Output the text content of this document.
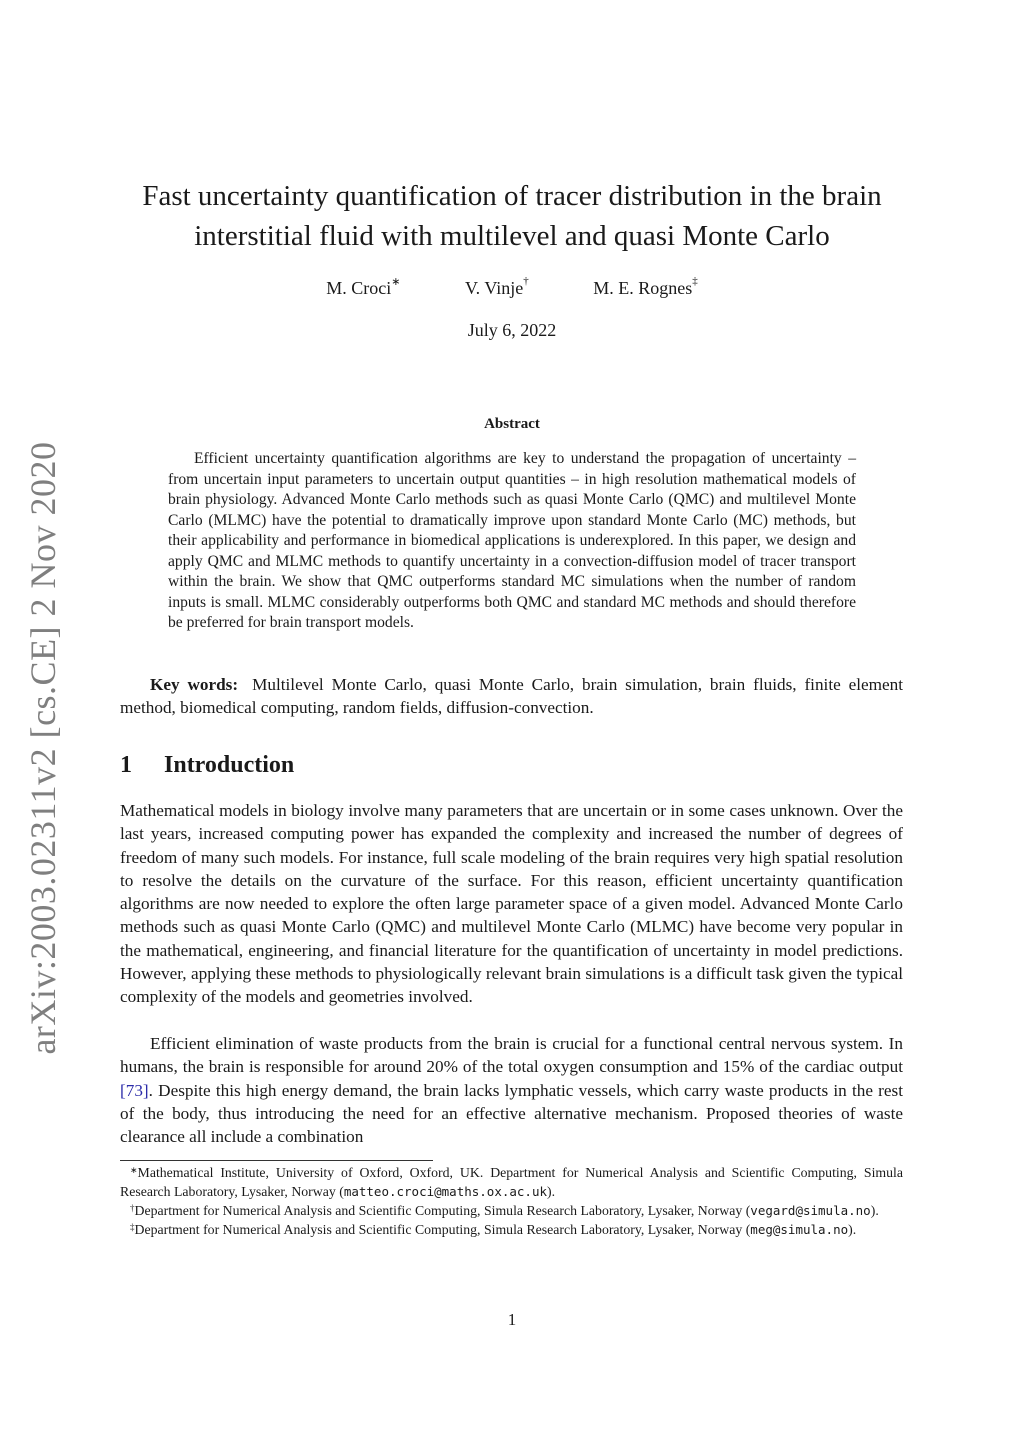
arXiv:2003.02311v2 [cs.CE] 2 Nov 2020
Fast uncertainty quantification of tracer distribution in the brain
interstitial fluid with multilevel and quasi Monte Carlo
M. Croci∗	V. Vinje†	M. E. Rognes‡
July 6, 2022
Abstract

Efficient uncertainty quantification algorithms are key to understand the propagation of uncertainty – from uncertain input parameters to uncertain output quantities – in high resolution mathematical models of brain physiology. Advanced Monte Carlo methods such as quasi Monte Carlo (QMC) and multilevel Monte Carlo (MLMC) have the potential to dramatically improve upon standard Monte Carlo (MC) methods, but their applicability and performance in biomedical applications is underexplored. In this paper, we design and apply QMC and MLMC methods to quantify uncertainty in a convection-diffusion model of tracer transport within the brain. We show that QMC outperforms standard MC simulations when the number of random inputs is small. MLMC considerably outperforms both QMC and standard MC methods and should therefore be preferred for brain transport models.

Key words: Multilevel Monte Carlo, quasi Monte Carlo, brain simulation, brain fluids, finite element method, biomedical computing, random fields, diffusion-convection.

1 Introduction

Mathematical models in biology involve many parameters that are uncertain or in some cases unknown. Over the last years, increased computing power has expanded the complexity and increased the number of degrees of freedom of many such models. For instance, full scale modeling of the brain requires very high spatial resolution to resolve the details on the curvature of the surface. For this reason, efficient uncertainty quantification algorithms are now needed to explore the often large parameter space of a given model. Advanced Monte Carlo methods such as quasi Monte Carlo (QMC) and multilevel Monte Carlo (MLMC) have become very popular in the mathematical, engineering, and financial literature for the quantification of uncertainty in model predictions. However, applying these methods to physiologically relevant brain simulations is a difficult task given the typical complexity of the models and geometries involved.

Efficient elimination of waste products from the brain is crucial for a functional central nervous system. In humans, the brain is responsible for around 20% of the total oxygen consumption and 15% of the cardiac output [73]. Despite this high energy demand, the brain lacks lymphatic vessels, which carry waste products in the rest of the body, thus introducing the need for an effective alternative mechanism. Proposed theories of waste clearance all include a combination

∗Mathematical Institute, University of Oxford, Oxford, UK. Department for Numerical Analysis and Scientific Computing, Simula Research Laboratory, Lysaker, Norway (matteo.croci@maths.ox.ac.uk).

†Department for Numerical Analysis and Scientific Computing, Simula Research Laboratory, Lysaker, Norway (vegard@simula.no).

‡Department for Numerical Analysis and Scientific Computing, Simula Research Laboratory, Lysaker, Norway (meg@simula.no).

1
